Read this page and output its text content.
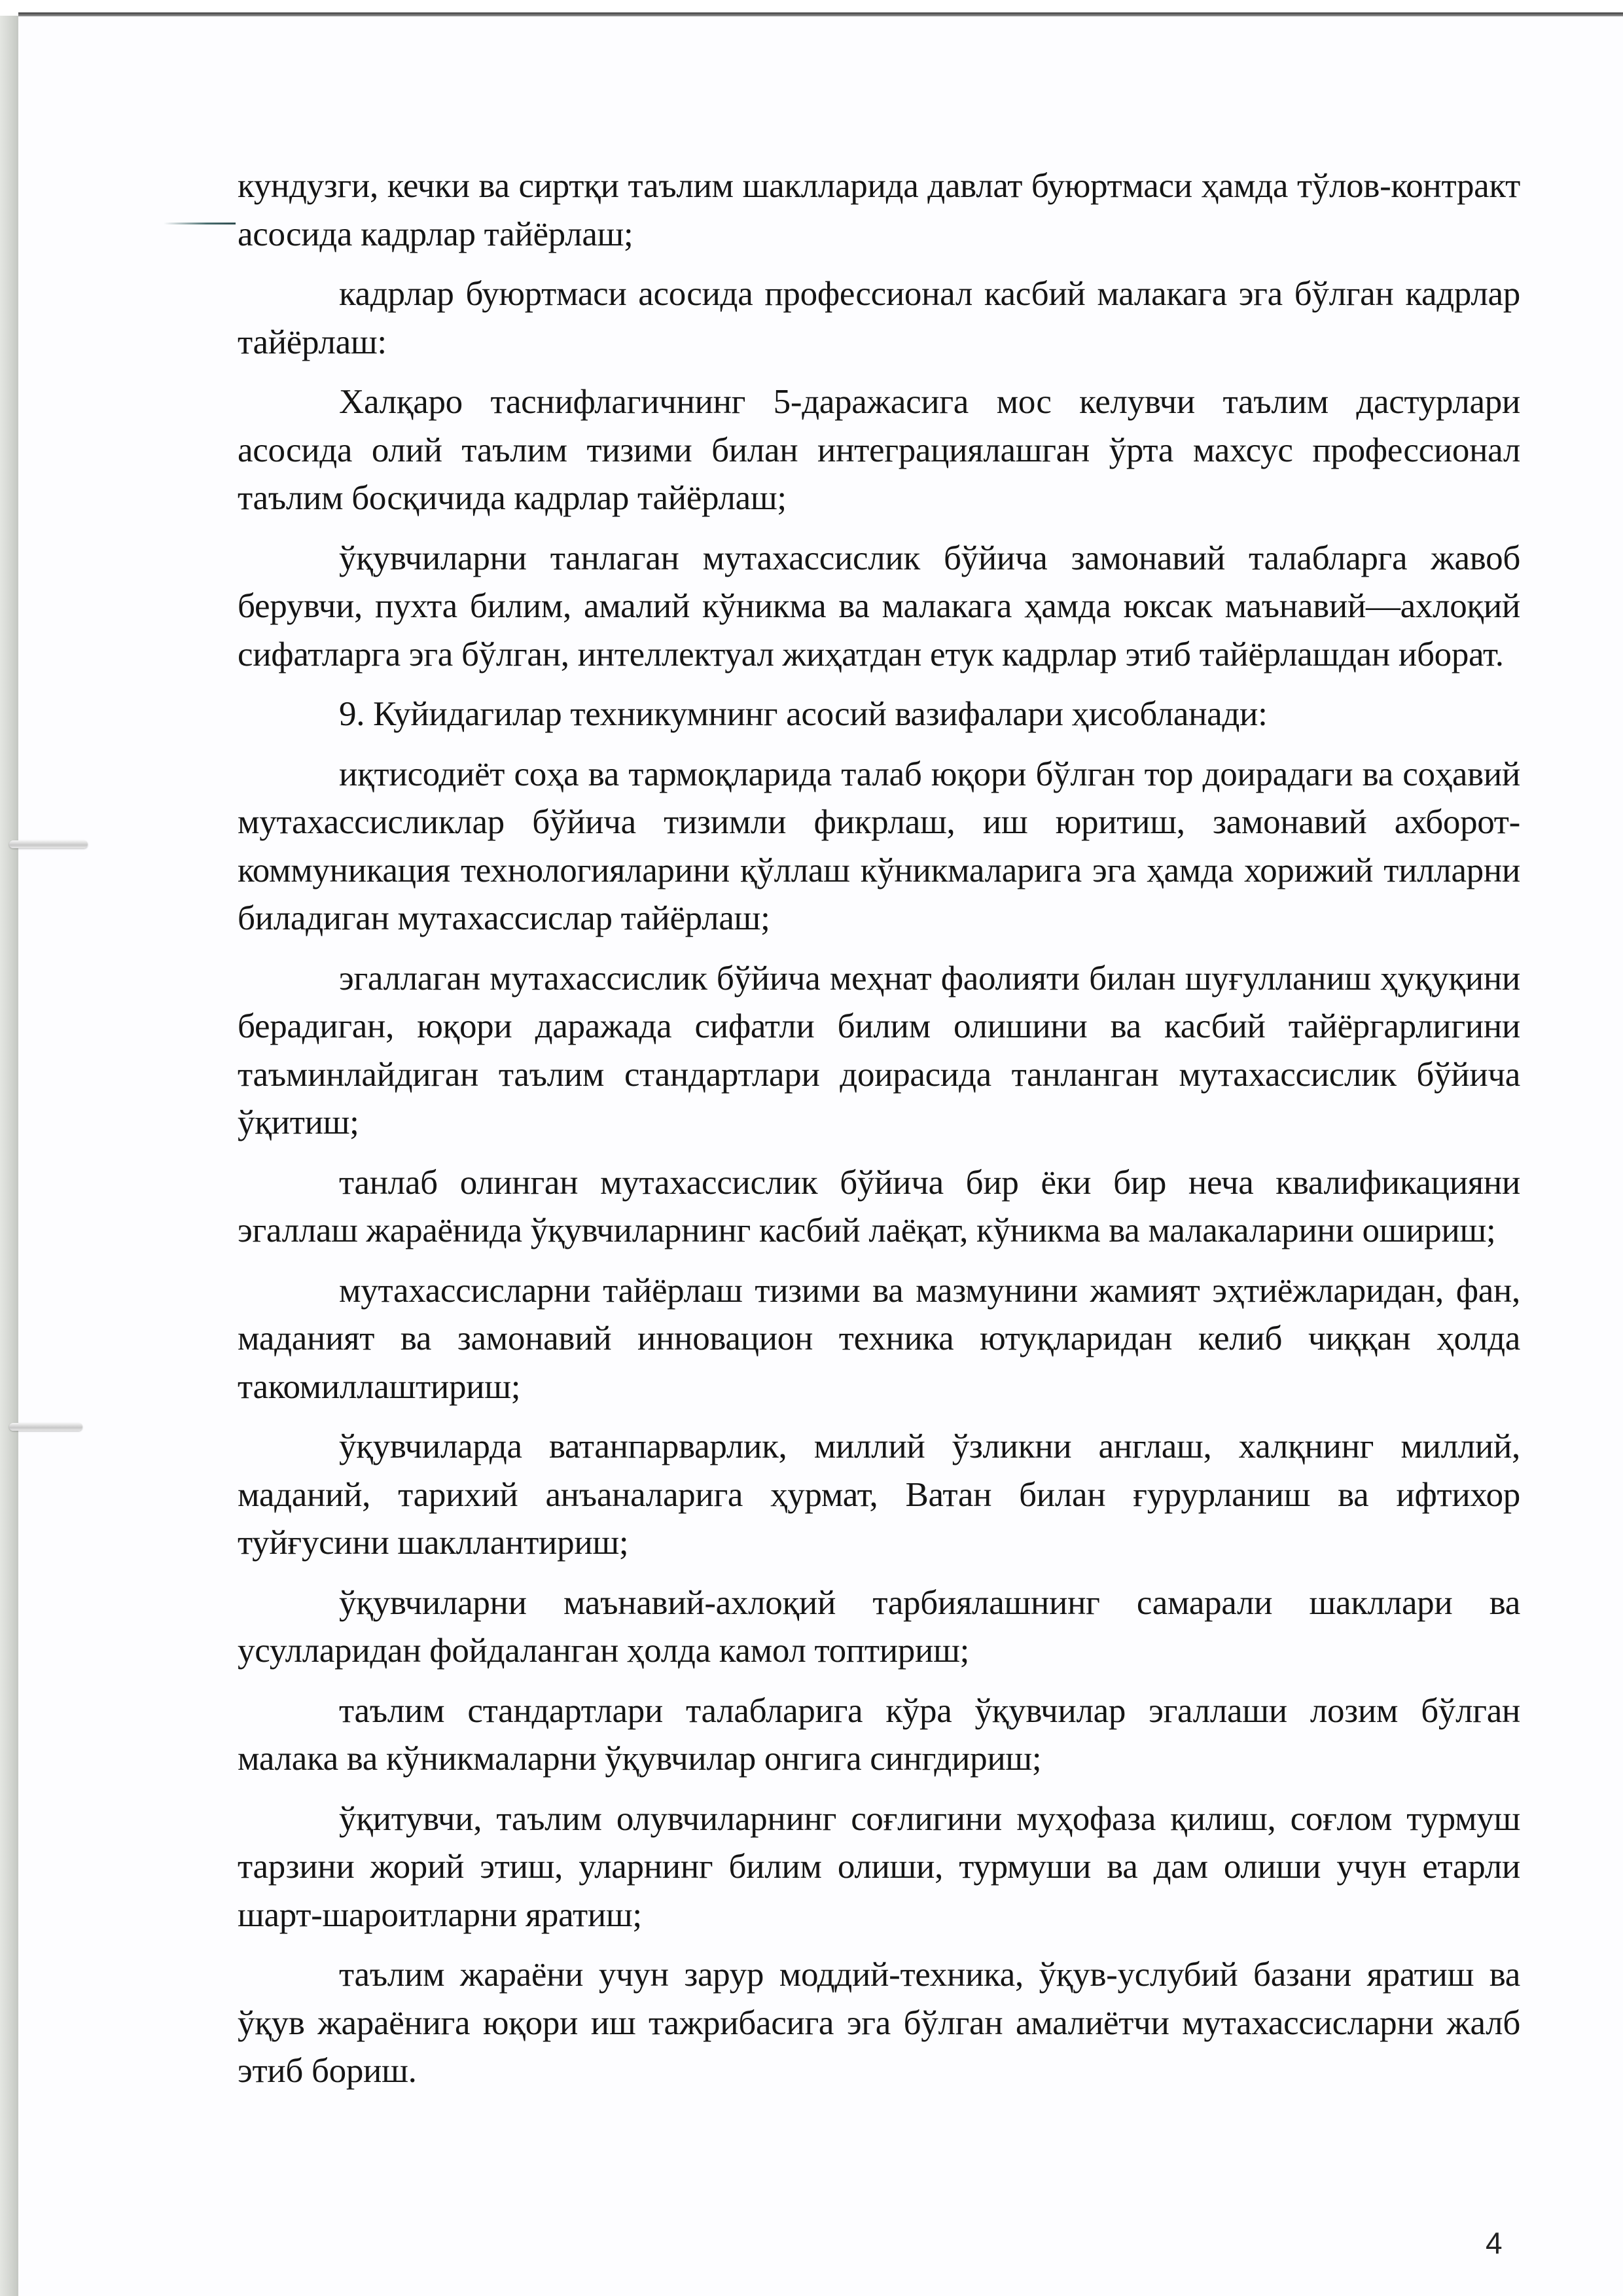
кундузги, кечки ва сиртқи таълим шаклларида давлат буюртмаси ҳамда тўлов-контракт асосида кадрлар тайёрлаш;

кадрлар буюртмаси асосида профессионал касбий малакага эга бўлган кадрлар тайёрлаш:

Халқаро таснифлагичнинг 5-даражасига мос келувчи таълим дастурлари асосида олий таълим тизими билан интеграциялашган ўрта махсус профессионал таълим босқичида кадрлар тайёрлаш;

ўқувчиларни танлаган мутахассислик бўйича замонавий талабларга жавоб берувчи, пухта билим, амалий кўникма ва малакага ҳамда юксак маънавий—ахлоқий сифатларга эга бўлган, интеллектуал жиҳатдан етук кадрлар этиб тайёрлашдан иборат.

9. Куйидагилар техникумнинг асосий вазифалари ҳисобланади:

иқтисодиёт соҳа ва тармоқларида талаб юқори бўлган тор доирадаги ва соҳавий мутахассисликлар бўйича тизимли фикрлаш, иш юритиш, замонавий ахборот-коммуникация технологияларини қўллаш кўникмаларига эга ҳамда хорижий тилларни биладиган мутахассислар тайёрлаш;

эгаллаган мутахассислик бўйича меҳнат фаолияти билан шуғулланиш ҳуқуқини берадиган, юқори даражада сифатли билим олишини ва касбий тайёргарлигини таъминлайдиган таълим стандартлари доирасида танланган мутахассислик бўйича ўқитиш;

танлаб олинган мутахассислик бўйича бир ёки бир неча квалификацияни эгаллаш жараёнида ўқувчиларнинг касбий лаёқат, кўникма ва малакаларини ошириш;

мутахассисларни тайёрлаш тизими ва мазмунини жамият эҳтиёжларидан, фан, маданият ва замонавий инновацион техника ютуқларидан келиб чиққан ҳолда такомиллаштириш;

ўқувчиларда ватанпарварлик, миллий ўзликни англаш, халқнинг миллий, маданий, тарихий анъаналарига ҳурмат, Ватан билан ғурурланиш ва ифтихор туйғусини шакллантириш;

ўқувчиларни маънавий-ахлоқий тарбиялашнинг самарали шакллари ва усулларидан фойдаланган ҳолда камол топтириш;

таълим стандартлари талабларига кўра ўқувчилар эгаллаши лозим бўлган малака ва кўникмаларни ўқувчилар онгига сингдириш;

ўқитувчи, таълим олувчиларнинг соғлигини муҳофаза қилиш, соғлом турмуш тарзини жорий этиш, уларнинг билим олиши, турмуши ва дам олиши учун етарли шарт-шароитларни яратиш;

таълим жараёни учун зарур моддий-техника, ўқув-услубий базани яратиш ва ўқув жараёнига юқори иш тажрибасига эга бўлган амалиётчи мутахассисларни жалб этиб бориш.

4
